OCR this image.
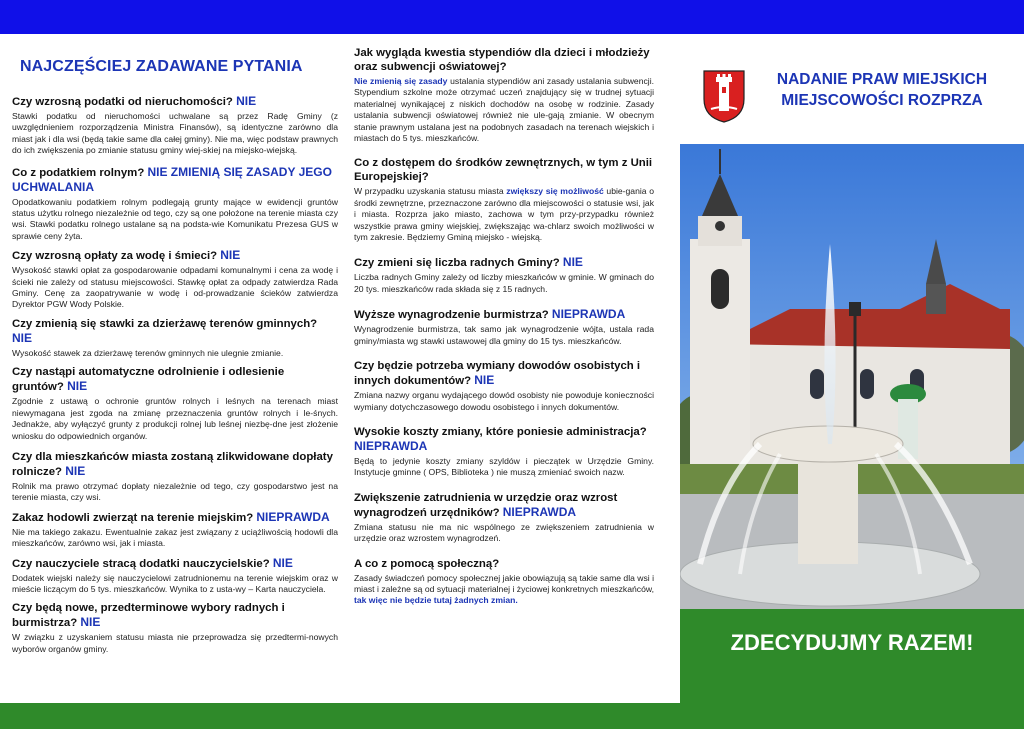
NAJCZĘŚCIEJ ZADAWANE PYTANIA

Czy wzrosną podatki od nieruchomości? NIE

Stawki podatku od nieruchomości uchwalane są przez Radę Gminy (z uwzględnieniem rozporządzenia Ministra Finansów), są identyczne zarówno dla miast jak i dla wsi (będą takie same dla całej gminy). Nie ma, więc podstaw prawnych do ich zwiększenia po zmianie statusu gminy wiej-skiej na miejsko-wiejską.

Co z podatkiem rolnym? NIE ZMIENIĄ SIĘ ZASADY JEGO UCHWALANIA

Opodatkowaniu podatkiem rolnym podlegają grunty mające w ewidencji gruntów status użytku rolnego niezależnie od tego, czy są one położone na terenie miasta czy wsi. Stawki podatku rolnego ustalane są na podsta-wie Komunikatu Prezesa GUS w sprawie ceny żyta.

Czy wzrosną opłaty za wodę i śmieci? NIE

Wysokość stawki opłat za gospodarowanie odpadami komunalnymi i cena za wodę i ścieki nie zależy od statusu miejscowości. Stawkę opłat za odpady zatwierdza Rada Gminy. Cenę za zaopatrywanie w wodę i od-prowadzanie ścieków zatwierdza Dyrektor PGW Wody Polskie.

Czy zmienią się stawki za dzierżawę terenów gminnych? NIE

Wysokość stawek za dzierżawę terenów gminnych nie ulegnie zmianie.

Czy nastąpi automatyczne odrolnienie i odlesienie gruntów? NIE

Zgodnie z ustawą o ochronie gruntów rolnych i leśnych na terenach miast niewymagana jest zgoda na zmianę przeznaczenia gruntów rolnych i le-śnych. Jednakże, aby wyłączyć grunty z produkcji rolnej lub leśnej niezbę-dne jest złożenie wniosku do odpowiednich organów.

Czy dla mieszkańców miasta zostaną zlikwidowane dopłaty rolnicze? NIE

Rolnik ma prawo otrzymać dopłaty niezależnie od tego, czy gospodarstwo jest na terenie miasta, czy wsi.

Zakaz hodowli zwierząt na terenie miejskim? NIEPRAWDA

Nie ma takiego zakazu. Ewentualnie zakaz jest związany z uciążliwością hodowli dla mieszkańców, zarówno wsi, jak i miasta.

Czy nauczyciele stracą dodatki nauczycielskie? NIE

Dodatek wiejski należy się nauczycielowi zatrudnionemu na terenie wiejskim oraz w mieście liczącym do 5 tys. mieszkańców. Wynika to z usta-wy – Karta nauczyciela.

Czy będą nowe, przedterminowe wybory radnych i burmistrza? NIE

W związku z uzyskaniem statusu miasta nie przeprowadza się przedtermi-nowych wyborów organów gminy.

Jak wygląda kwestia stypendiów dla dzieci i młodzieży oraz subwencji oświatowej?

Nie zmienią się zasady ustalania stypendiów ani zasady ustalania subwencji. Stypendium szkolne może otrzymać uczeń znajdujący się w trudnej sytuacji materialnej wynikającej z niskich dochodów na osobę w rodzinie. Zasady ustalania subwencji oświatowej również nie ule-gają zmianie. W obecnym stanie prawnym ustalana jest na podobnych zasadach na terenach wiejskich i miastach do 5 tys. mieszkańców.

Co z dostępem do środków zewnętrznych, w tym z Unii Europejskiej?

W przypadku uzyskania statusu miasta zwiększy się możliwość ubie-gania o środki zewnętrzne, przeznaczone zarówno dla miejscowości o statusie wsi, jak i miasta. Rozprza jako miasto, zachowa w tym przy-przypadku również wszystkie prawa gminy wiejskiej, zwiększając wa-chlarz swoich możliwości w tym zakresie. Będziemy Gminą miejsko - wiejską.

Czy zmieni się liczba radnych Gminy? NIE

Liczba radnych Gminy zależy od liczby mieszkańców w gminie. W gminach do 20 tys. mieszkańców rada składa się z 15 radnych.

Wyższe wynagrodzenie burmistrza? NIEPRAWDA

Wynagrodzenie burmistrza, tak samo jak wynagrodzenie wójta, ustala rada gminy/miasta wg stawki ustawowej dla gminy do 15 tys. mieszkańców.

Czy będzie potrzeba wymiany dowodów osobistych i innych dokumentów? NIE

Zmiana nazwy organu wydającego dowód osobisty nie powoduje konieczności wymiany dotychczasowego dowodu osobistego i innych dokumentów.

Wysokie koszty zmiany, które poniesie administracja?
NIEPRAWDA

Będą to jedynie koszty zmiany szyldów i pieczątek w Urzędzie Gminy. Instytucje gminne ( OPS, Biblioteka ) nie muszą zmieniać swoich nazw.

Zwiększenie zatrudnienia w urzędzie oraz wzrost wynagrodzeń urzędników? NIEPRAWDA

Zmiana statusu nie ma nic wspólnego ze zwiększeniem zatrudnienia w urzędzie oraz wzrostem wynagrodzeń.

A co z pomocą społeczną?

Zasady świadczeń pomocy społecznej jakie obowiązują są takie same dla wsi i miast i zależne są od sytuacji materialnej i życiowej konkretnych mieszkańców, tak więc nie będzie tutaj żadnych zmian.

NADANIE PRAW MIEJSKICH
MIEJSCOWOŚCI ROZPRZA
ZDECYDUJMY RAZEM!
